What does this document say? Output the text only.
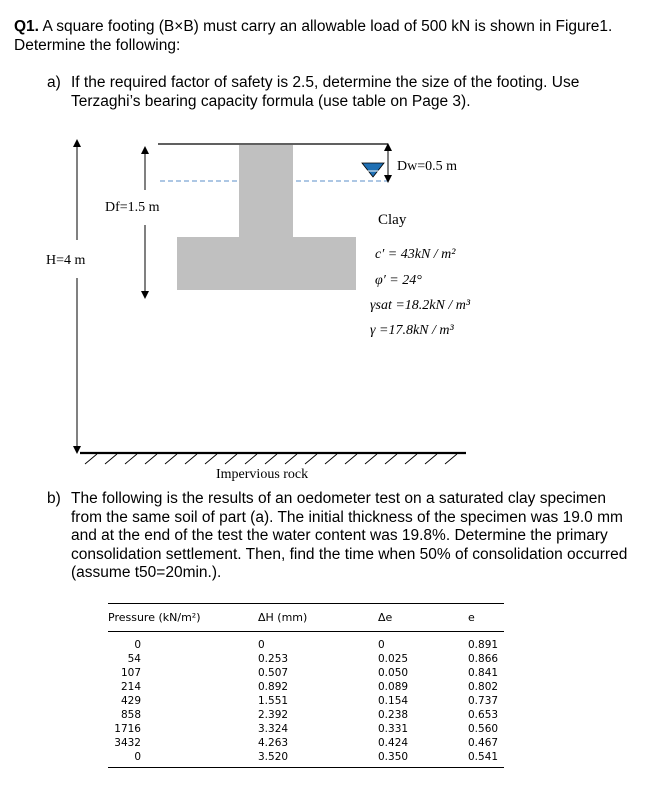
Q1. A square footing (B×B) must carry an allowable load of 500 kN is shown in Figure1.
Determine the following:
a) If the required factor of safety is 2.5, determine the size of the footing. Use
Terzaghi’s bearing capacity formula (use table on Page 3).
Dw=0.5 m
Df=1.5 m
H=4 m
Clay
c′ = 43kN / m²
φ′ = 24°
γsat =18.2kN / m³
γ =17.8kN / m³
Impervious rock
b) The following is the results of an oedometer test on a saturated clay specimen
from the same soil of part (a). The initial thickness of the specimen was 19.0 mm
and at the end of the test the water content was 19.8%. Determine the primary
consolidation settlement. Then, find the time when 50% of consolidation occurred
(assume t50=20min.).
Pressure (kN/m²)	ΔH (mm)	Δe	e
0	0	0	0.891
54	0.253	0.025	0.866
107	0.507	0.050	0.841
214	0.892	0.089	0.802
429	1.551	0.154	0.737
858	2.392	0.238	0.653
1716	3.324	0.331	0.560
3432	4.263	0.424	0.467
0	3.520	0.350	0.541
